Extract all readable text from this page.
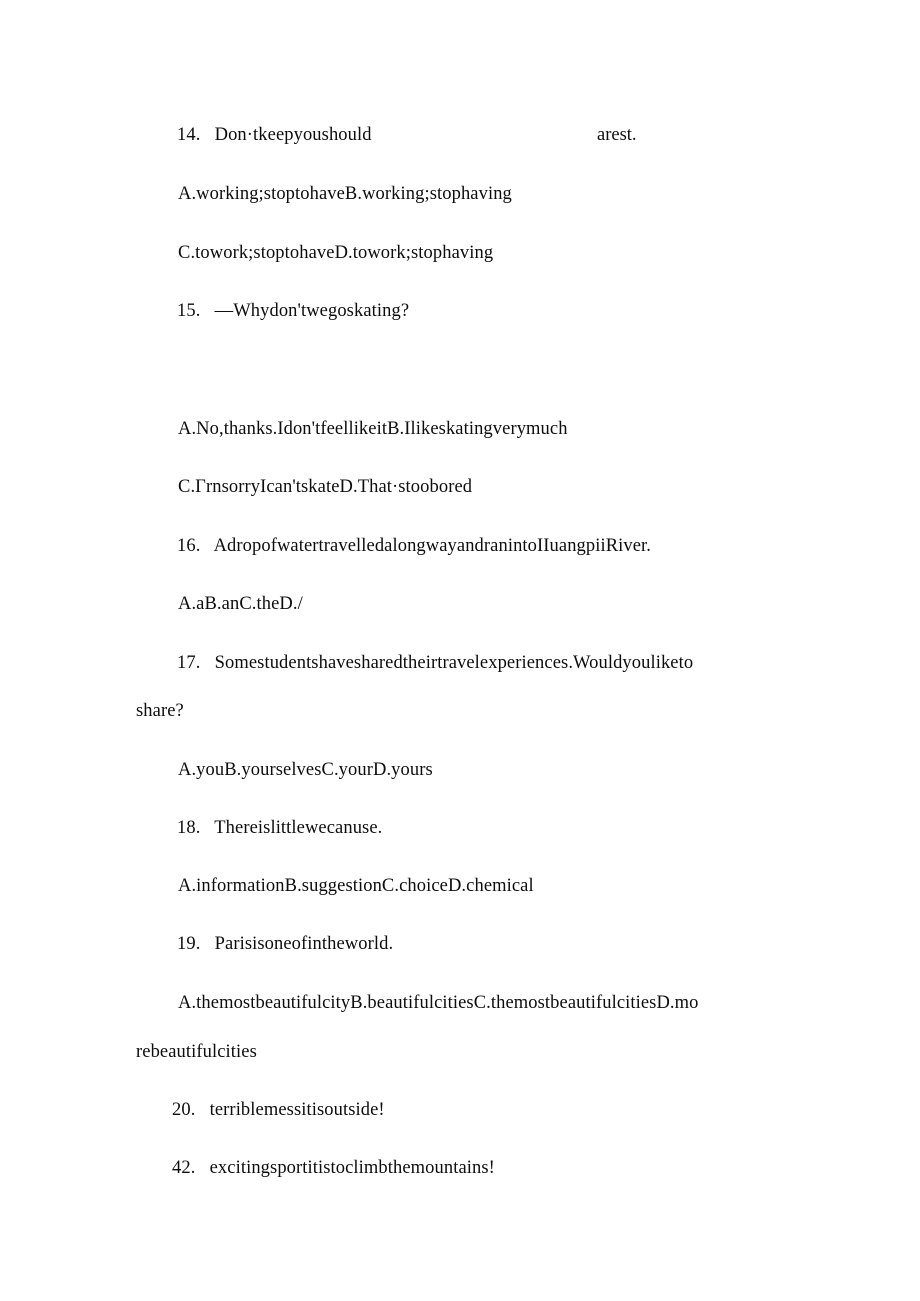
14. Don·tkeepyoushould	arest.
A.working;stoptohaveB.working;stophaving
C.towork;stoptohaveD.towork;stophaving
15. —Whydon'twegoskating?
A.No,thanks.Idon'tfeellikeitB.Ilikeskatingverymuch
C.ΓrnsorryIcan'tskateD.That·stoobored
16. AdropofwatertravelledalongwayandranintoIIuangpiiRiver.
A.aB.anC.theD./
17. Somestudentshavesharedtheirtravelexperiences.Wouldyouliketo
share?
A.youB.yourselvesC.yourD.yours
18. Thereislittlewecanuse.
A.informationB.suggestionC.choiceD.chemical
19. Parisisoneofintheworld.
A.themostbeautifulcityB.beautifulcitiesC.themostbeautifulcitiesD.mo
rebeautifulcities
20. terriblemessitisoutside!
42. excitingsportitistoclimbthemountains!
